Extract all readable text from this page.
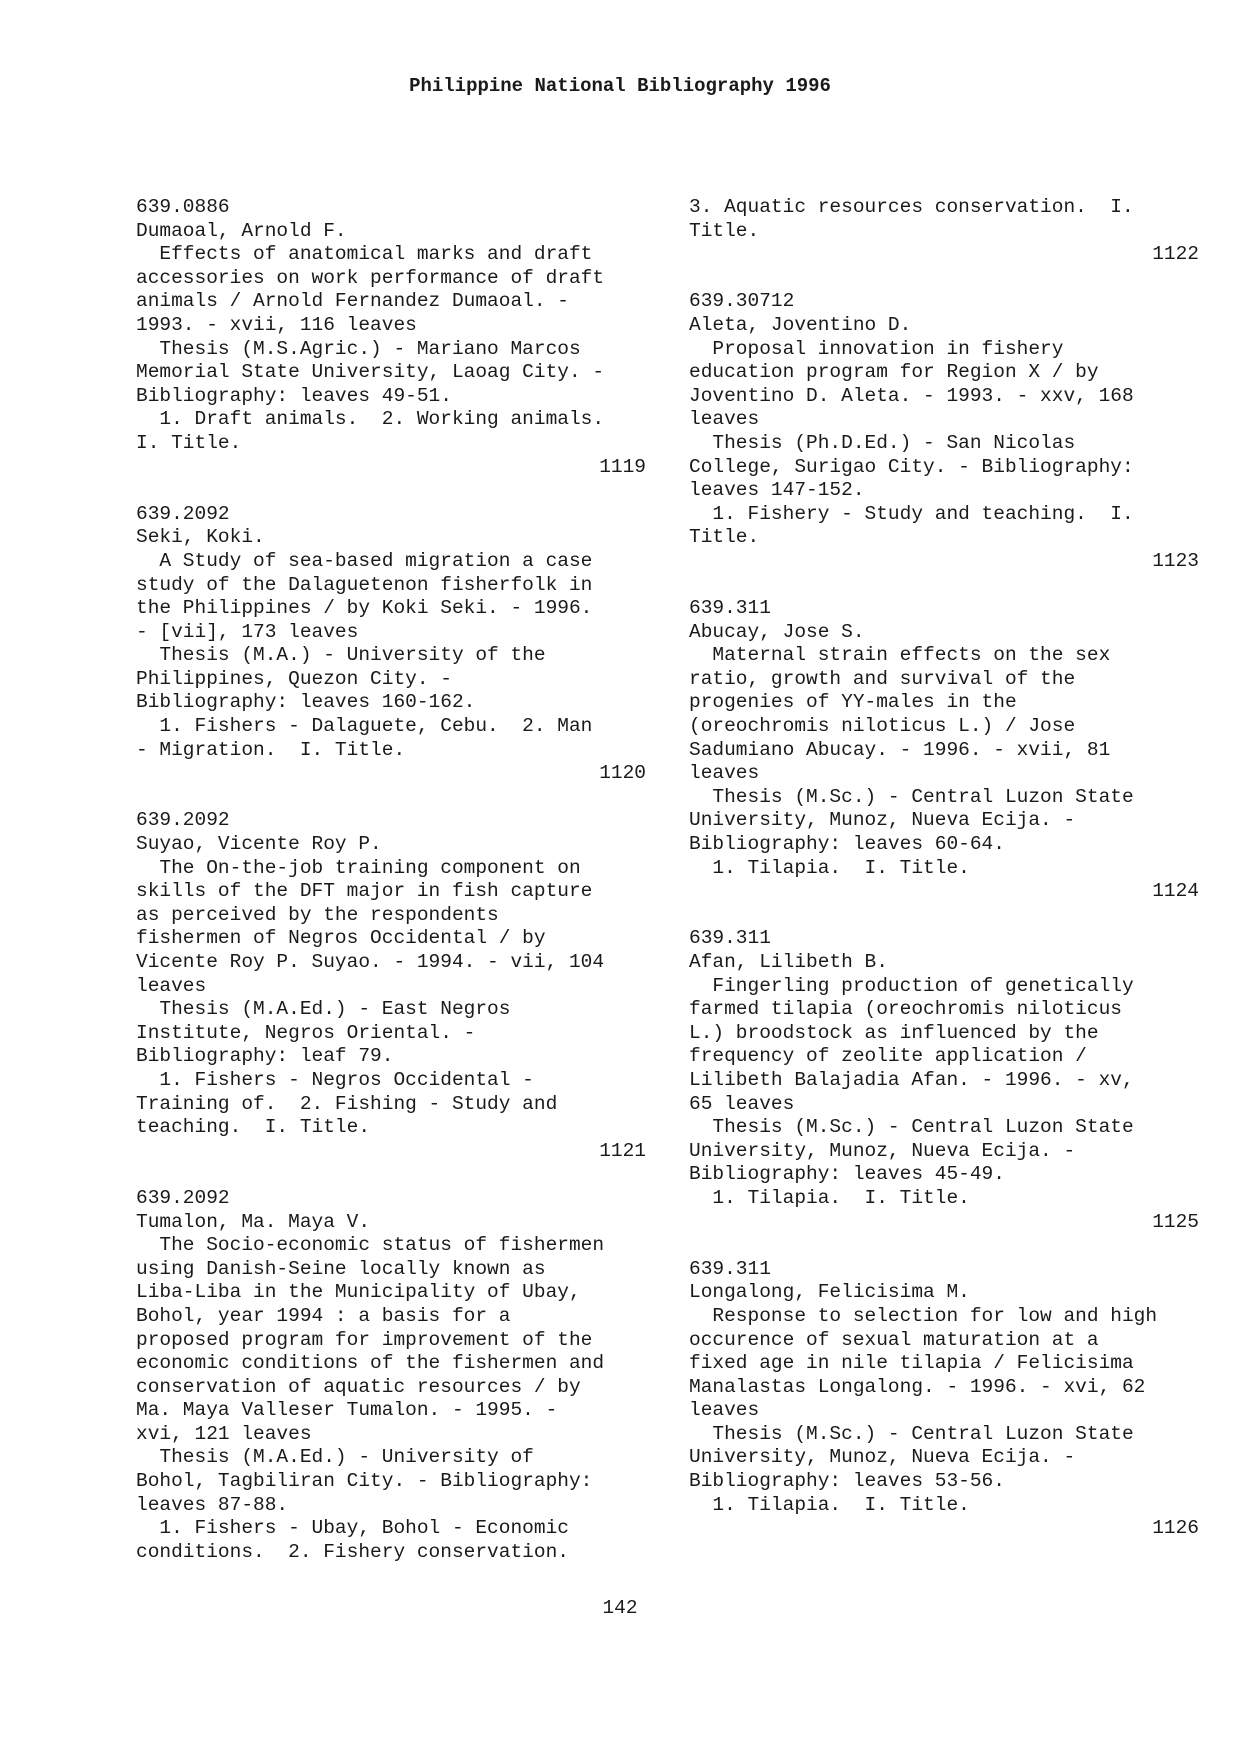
Philippine National Bibliography 1996
639.0886
Dumaoal, Arnold F.
Effects of anatomical marks and draft
accessories on work performance of draft
animals / Arnold Fernandez Dumaoal. -
1993. - xvii, 116 leaves
Thesis (M.S.Agric.) - Mariano Marcos
Memorial State University, Laoag City. -
Bibliography: leaves 49-51.
1. Draft animals.  2. Working animals.
I. Title.
1119
639.2092
Seki, Koki.
A Study of sea-based migration a case
study of the Dalaguetenon fisherfolk in
the Philippines / by Koki Seki. - 1996.
- [vii], 173 leaves
Thesis (M.A.) - University of the
Philippines, Quezon City. -
Bibliography: leaves 160-162.
1. Fishers - Dalaguete, Cebu.  2. Man
- Migration.  I. Title.
1120
639.2092
Suyao, Vicente Roy P.
The On-the-job training component on
skills of the DFT major in fish capture
as perceived by the respondents
fishermen of Negros Occidental / by
Vicente Roy P. Suyao. - 1994. - vii, 104
leaves
Thesis (M.A.Ed.) - East Negros
Institute, Negros Oriental. -
Bibliography: leaf 79.
1. Fishers - Negros Occidental -
Training of.  2. Fishing - Study and
teaching.  I. Title.
1121
639.2092
Tumalon, Ma. Maya V.
The Socio-economic status of fishermen
using Danish-Seine locally known as
Liba-Liba in the Municipality of Ubay,
Bohol, year 1994 : a basis for a
proposed program for improvement of the
economic conditions of the fishermen and
conservation of aquatic resources / by
Ma. Maya Valleser Tumalon. - 1995. -
xvi, 121 leaves
Thesis (M.A.Ed.) - University of
Bohol, Tagbiliran City. - Bibliography:
leaves 87-88.
1. Fishers - Ubay, Bohol - Economic
conditions.  2. Fishery conservation.
3. Aquatic resources conservation.  I.
Title.
1122
639.30712
Aleta, Joventino D.
Proposal innovation in fishery
education program for Region X / by
Joventino D. Aleta. - 1993. - xxv, 168
leaves
Thesis (Ph.D.Ed.) - San Nicolas
College, Surigao City. - Bibliography:
leaves 147-152.
1. Fishery - Study and teaching.  I.
Title.
1123
639.311
Abucay, Jose S.
Maternal strain effects on the sex
ratio, growth and survival of the
progenies of YY-males in the
(oreochromis niloticus L.) / Jose
Sadumiano Abucay. - 1996. - xvii, 81
leaves
Thesis (M.Sc.) - Central Luzon State
University, Munoz, Nueva Ecija. -
Bibliography: leaves 60-64.
1. Tilapia.  I. Title.
1124
639.311
Afan, Lilibeth B.
Fingerling production of genetically
farmed tilapia (oreochromis niloticus
L.) broodstock as influenced by the
frequency of zeolite application /
Lilibeth Balajadia Afan. - 1996. - xv,
65 leaves
Thesis (M.Sc.) - Central Luzon State
University, Munoz, Nueva Ecija. -
Bibliography: leaves 45-49.
1. Tilapia.  I. Title.
1125
639.311
Longalong, Felicisima M.
Response to selection for low and high
occurence of sexual maturation at a
fixed age in nile tilapia / Felicisima
Manalastas Longalong. - 1996. - xvi, 62
leaves
Thesis (M.Sc.) - Central Luzon State
University, Munoz, Nueva Ecija. -
Bibliography: leaves 53-56.
1. Tilapia.  I. Title.
1126
142
